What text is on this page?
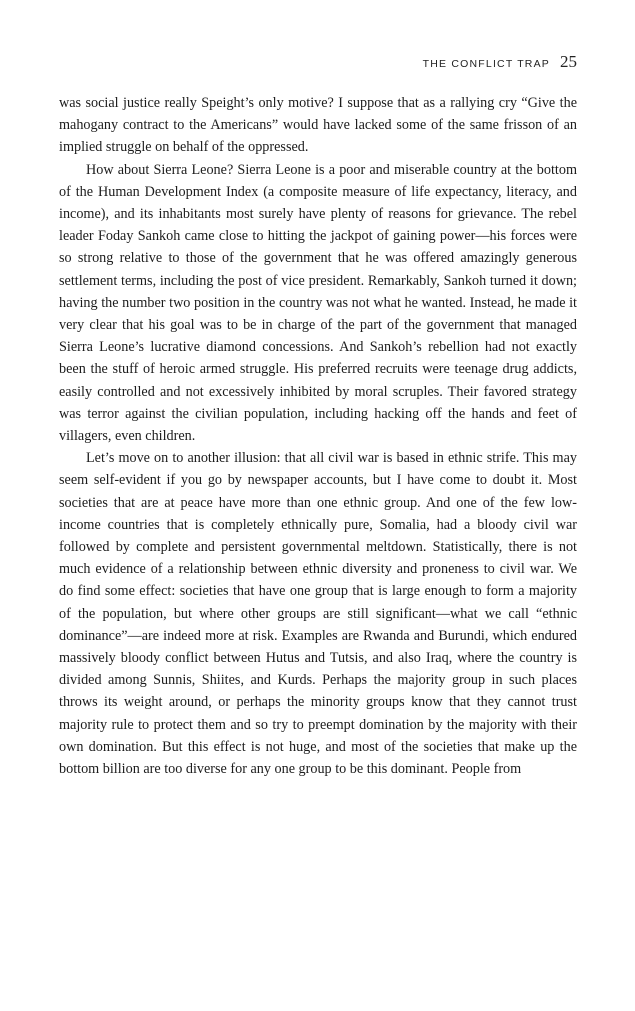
THE CONFLICT TRAP 25

was social justice really Speight’s only motive? I suppose that as a rallying cry “Give the mahogany contract to the Americans” would have lacked some of the same frisson of an implied struggle on behalf of the oppressed.

How about Sierra Leone? Sierra Leone is a poor and miserable country at the bottom of the Human Development Index (a composite measure of life expectancy, literacy, and income), and its inhabitants most surely have plenty of reasons for grievance. The rebel leader Foday Sankoh came close to hitting the jackpot of gaining power—his forces were so strong relative to those of the government that he was offered amazingly generous settlement terms, including the post of vice president. Remarkably, Sankoh turned it down; having the number two position in the country was not what he wanted. Instead, he made it very clear that his goal was to be in charge of the part of the government that managed Sierra Leone’s lucrative diamond concessions. And Sankoh’s rebellion had not exactly been the stuff of heroic armed struggle. His preferred recruits were teenage drug addicts, easily controlled and not excessively inhibited by moral scruples. Their favored strategy was terror against the civilian population, including hacking off the hands and feet of villagers, even children.

Let’s move on to another illusion: that all civil war is based in ethnic strife. This may seem self-evident if you go by newspaper accounts, but I have come to doubt it. Most societies that are at peace have more than one ethnic group. And one of the few low-income countries that is completely ethnically pure, Somalia, had a bloody civil war followed by complete and persistent governmental meltdown. Statistically, there is not much evidence of a relationship between ethnic diversity and proneness to civil war. We do find some effect: societies that have one group that is large enough to form a majority of the population, but where other groups are still significant—what we call “ethnic dominance”—are indeed more at risk. Examples are Rwanda and Burundi, which endured massively bloody conflict between Hutus and Tutsis, and also Iraq, where the country is divided among Sunnis, Shiites, and Kurds. Perhaps the majority group in such places throws its weight around, or perhaps the minority groups know that they cannot trust majority rule to protect them and so try to preempt domination by the majority with their own domination. But this effect is not huge, and most of the societies that make up the bottom billion are too diverse for any one group to be this dominant. People from
